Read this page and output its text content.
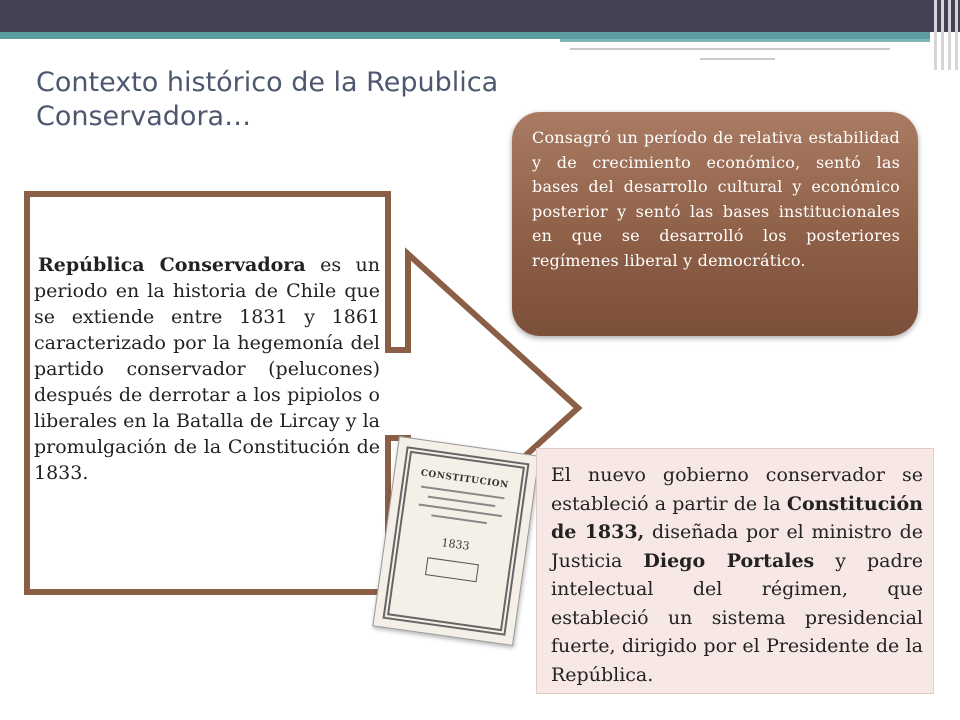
Contexto histórico de la Republica Conservadora…
República Conservadora es un periodo en la historia de Chile que se extiende entre 1831 y 1861 caracterizado por la hegemonía del partido conservador (pelucones) después de derrotar a los pipiolos o liberales en la Batalla de Lircay y la promulgación de la Constitución de 1833.	CONSTITUCION
1833
Consagró un período de relativa estabilidad y de crecimiento económico, sentó las bases del desarrollo cultural y económico posterior y sentó las bases institucionales en que se desarrolló los posteriores regímenes liberal y democrático.
El nuevo gobierno conservador se estableció a partir de la Constitución de 1833, diseñada por el ministro de Justicia Diego Portales y padre intelectual del régimen, que estableció un sistema presidencial fuerte, dirigido por el Presidente de la República.
